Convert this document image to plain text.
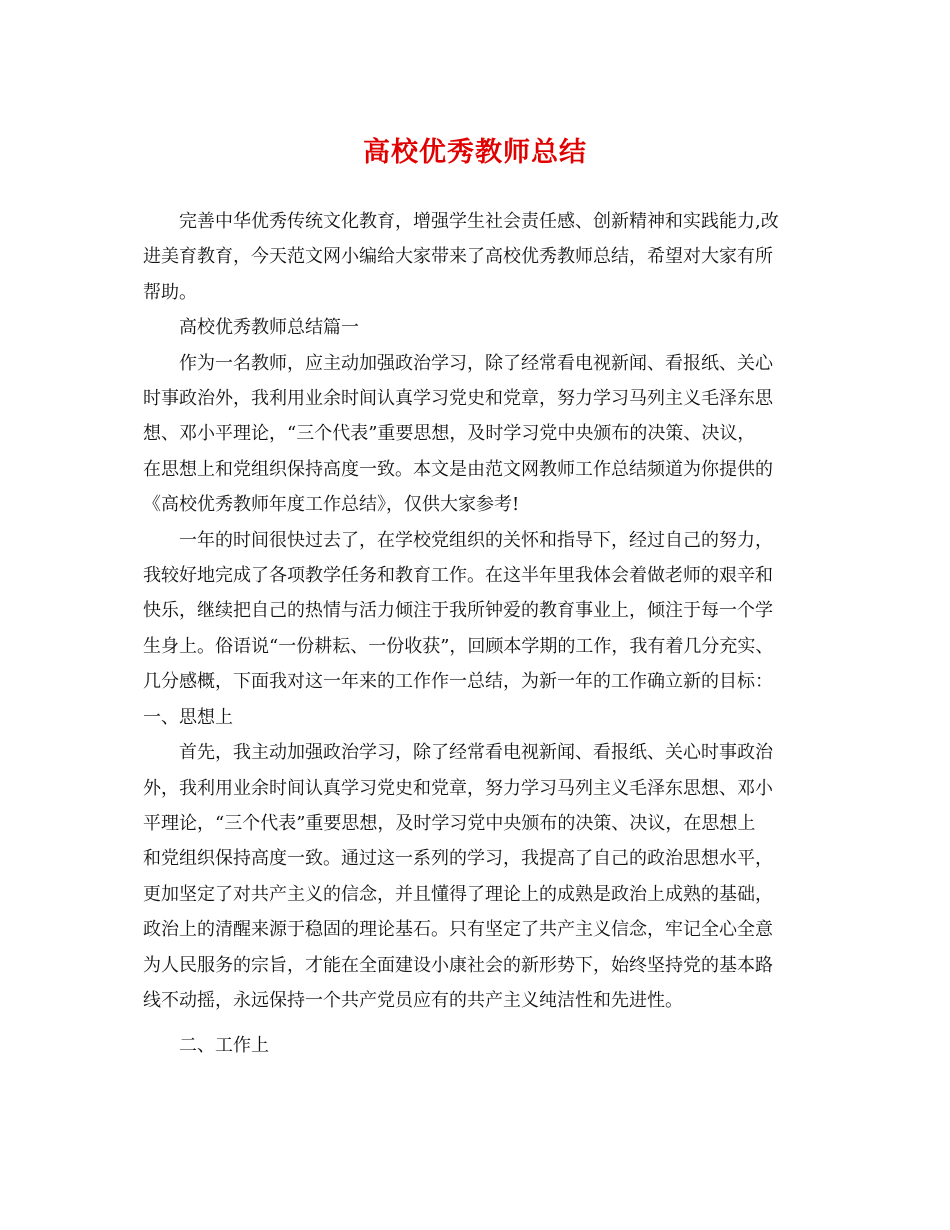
高校优秀教师总结
完善中华优秀传统文化教育，增强学生社会责任感、创新精神和实践能力,改
进美育教育，今天范文网小编给大家带来了高校优秀教师总结，希望对大家有所
帮助。
高校优秀教师总结篇一
作为一名教师，应主动加强政治学习，除了经常看电视新闻、看报纸、关心
时事政治外，我利用业余时间认真学习党史和党章，努力学习马列主义毛泽东思
想、邓小平理论，“三个代表”重要思想，及时学习党中央颁布的决策、决议，
在思想上和党组织保持高度一致。本文是由范文网教师工作总结频道为你提供的
《高校优秀教师年度工作总结》，仅供大家参考!
一年的时间很快过去了，在学校党组织的关怀和指导下，经过自己的努力，
我较好地完成了各项教学任务和教育工作。在这半年里我体会着做老师的艰辛和
快乐，继续把自己的热情与活力倾注于我所钟爱的教育事业上，倾注于每一个学
生身上。俗语说“一份耕耘、一份收获”，回顾本学期的工作，我有着几分充实、
几分感概，下面我对这一年来的工作作一总结，为新一年的工作确立新的目标：
一、思想上
首先，我主动加强政治学习，除了经常看电视新闻、看报纸、关心时事政治
外，我利用业余时间认真学习党史和党章，努力学习马列主义毛泽东思想、邓小
平理论，“三个代表”重要思想，及时学习党中央颁布的决策、决议，在思想上
和党组织保持高度一致。通过这一系列的学习，我提高了自己的政治思想水平，
更加坚定了对共产主义的信念，并且懂得了理论上的成熟是政治上成熟的基础，
政治上的清醒来源于稳固的理论基石。只有坚定了共产主义信念，牢记全心全意
为人民服务的宗旨，才能在全面建设小康社会的新形势下，始终坚持党的基本路
线不动摇，永远保持一个共产党员应有的共产主义纯洁性和先进性。
二、工作上
